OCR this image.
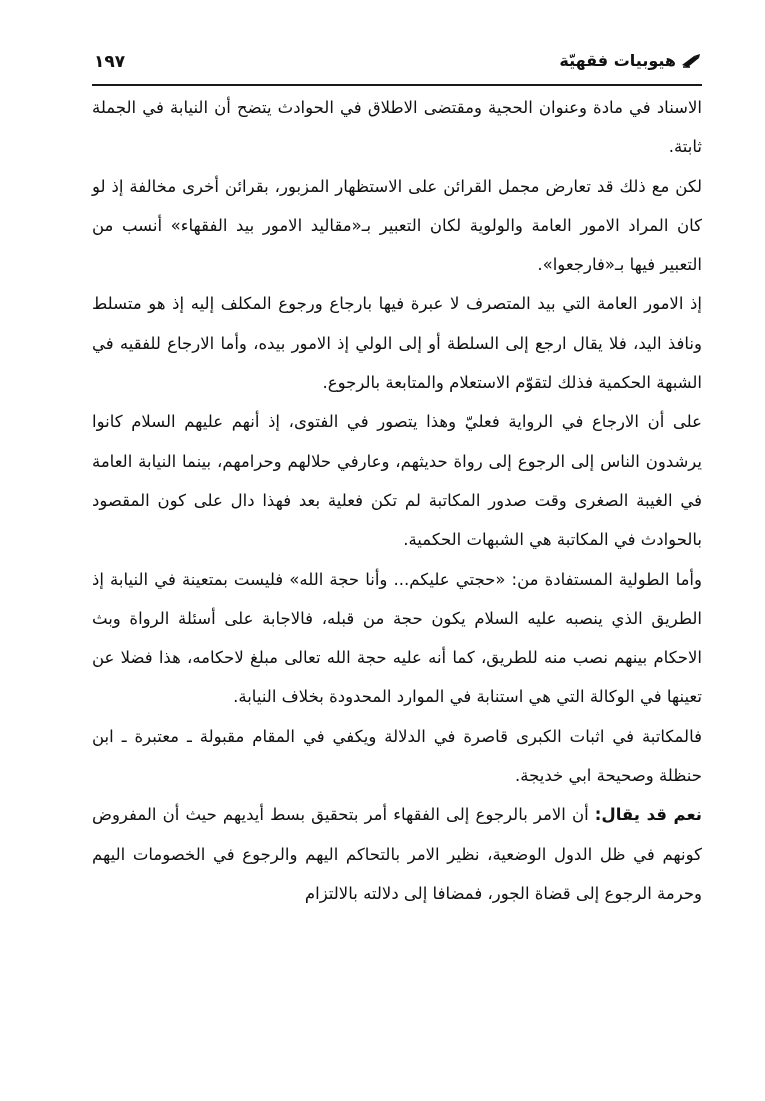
١٩٧	هيوبيات فقهيّة

الاسناد في مادة وعنوان الحجية ومقتضى الاطلاق في الحوادث يتضح أن النيابة في الجملة ثابتة.

لكن مع ذلك قد تعارض مجمل القرائن على الاستظهار المزبور، بقرائن أخرى مخالفة إذ لو كان المراد الامور العامة والولوية لكان التعبير بـ«مقاليد الامور بيد الفقهاء» أنسب من التعبير فيها بـ«فارجعوا».

إذ الامور العامة التي بيد المتصرف لا عبرة فيها بارجاع ورجوع المكلف إليه إذ هو متسلط ونافذ اليد، فلا يقال ارجع إلى السلطة أو إلى الولي إذ الامور بيده، وأما الارجاع للفقيه في الشبهة الحكمية فذلك لتقوّم الاستعلام والمتابعة بالرجوع.

على أن الارجاع في الرواية فعليّ وهذا يتصور في الفتوى، إذ أنهم عليهم السلام كانوا يرشدون الناس إلى الرجوع إلى رواة حديثهم، وعارفي حلالهم وحرامهم، بينما النيابة العامة في الغيبة الصغرى وقت صدور المكاتبة لم تكن فعلية بعد فهذا دال على كون المقصود بالحوادث في المكاتبة هي الشبهات الحكمية.

وأما الطولية المستفادة من: «حجتي عليكم... وأنا حجة الله» فليست بمتعينة في النيابة إذ الطريق الذي ينصبه عليه السلام يكون حجة من قبله، فالاجابة على أسئلة الرواة وبث الاحكام بينهم نصب منه للطريق، كما أنه عليه حجة الله تعالى مبلغ لاحكامه، هذا فضلا عن تعينها في الوكالة التي هي استنابة في الموارد المحدودة بخلاف النيابة.

فالمكاتبة في اثبات الكبرى قاصرة في الدلالة ويكفي في المقام مقبولة ـ معتبرة ـ ابن حنظلة وصحيحة ابي خديجة.

نعم قد يقال: أن الامر بالرجوع إلى الفقهاء أمر بتحقيق بسط أيديهم حيث أن المفروض كونهم في ظل الدول الوضعية، نظير الامر بالتحاكم اليهم والرجوع في الخصومات اليهم وحرمة الرجوع إلى قضاة الجور، فمضافا إلى دلالته بالالتزام
